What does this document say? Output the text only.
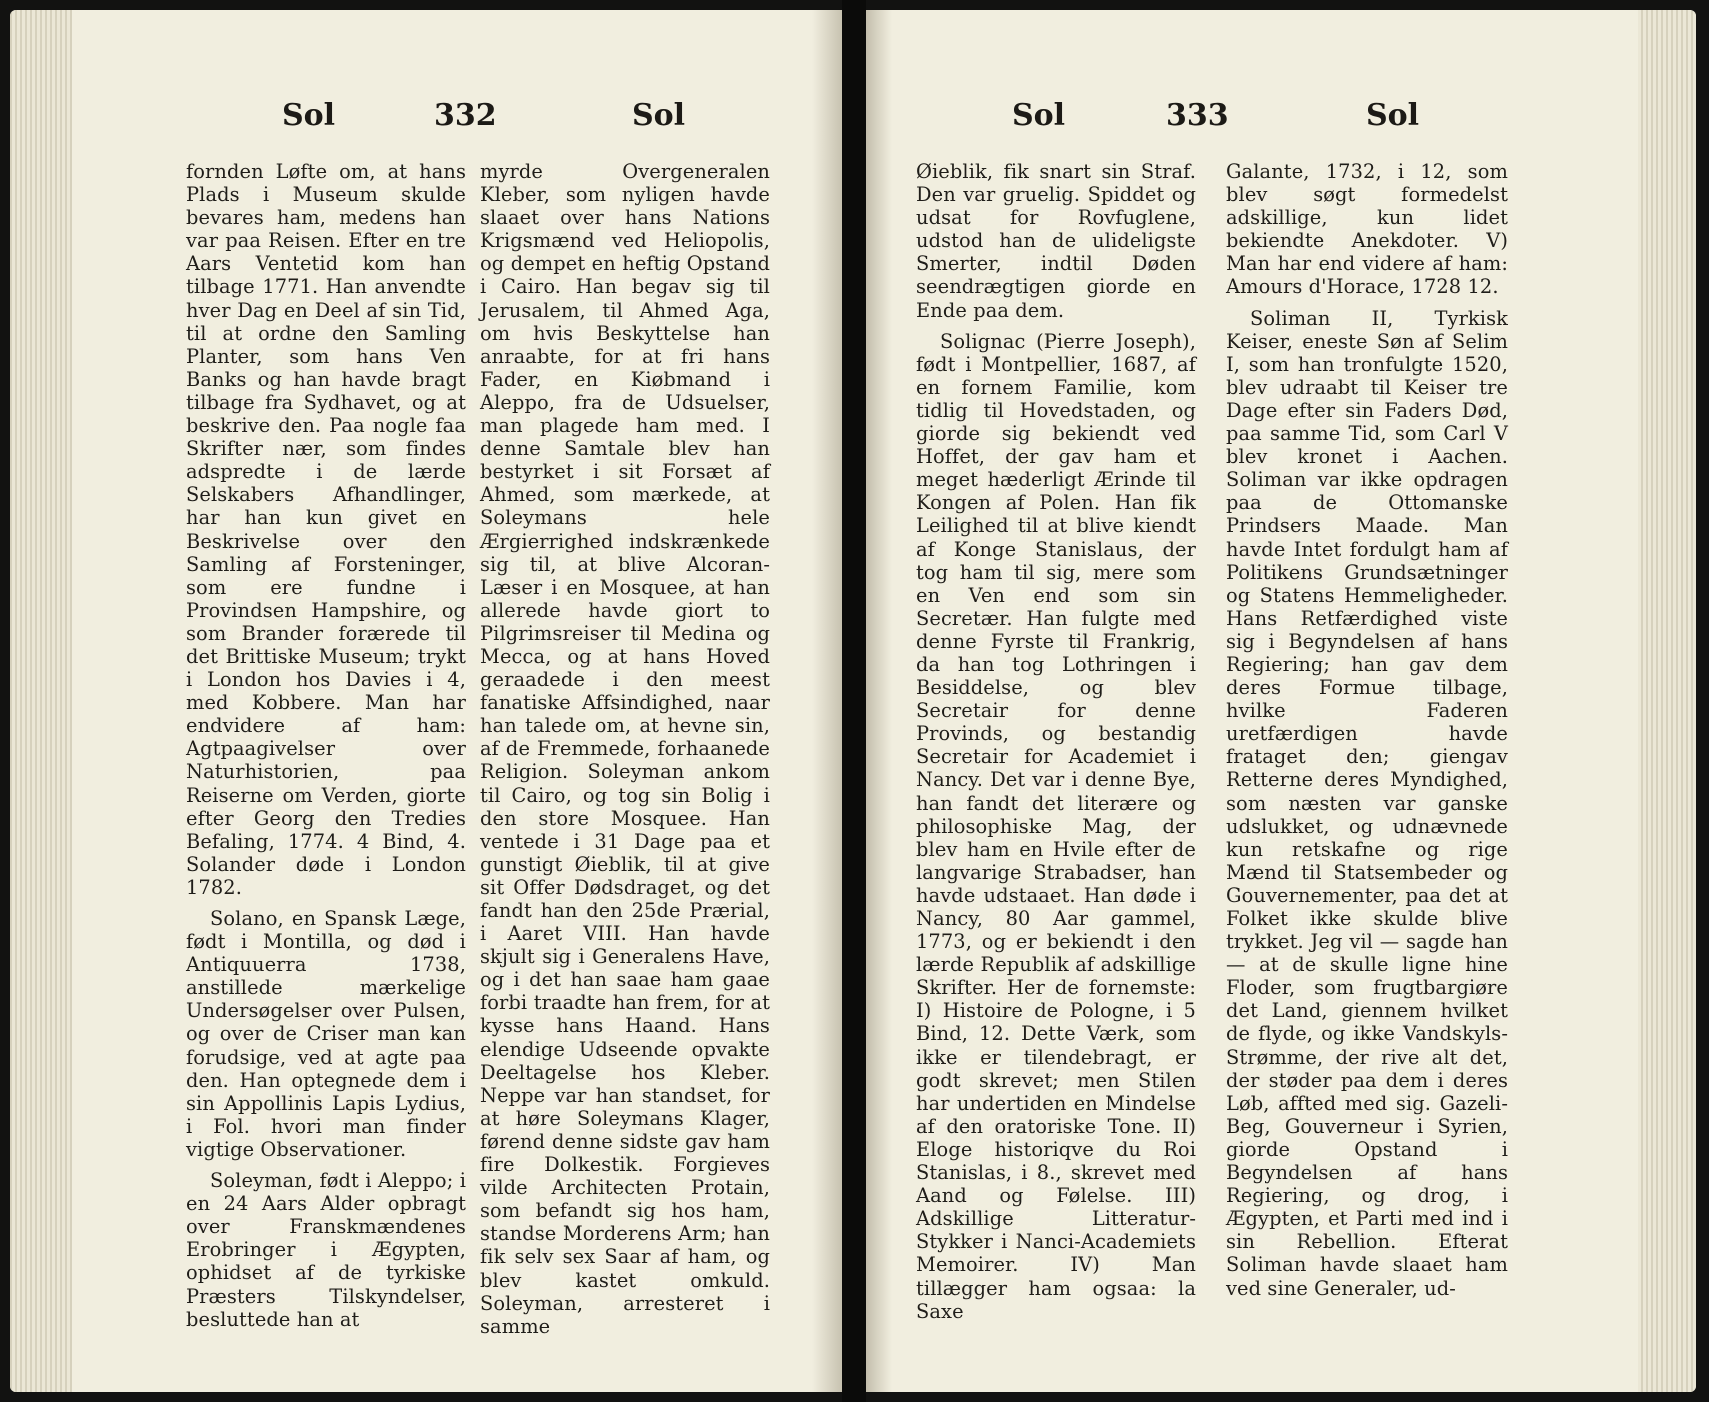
Sol	332	Sol

fornden Løfte om, at hans Plads i Museum skulde bevares ham, medens han var paa Reisen. Efter en tre Aars Ventetid kom han tilbage 1771. Han anvendte hver Dag en Deel af sin Tid, til at ordne den Samling Planter, som hans Ven Banks og han havde bragt tilbage fra Sydhavet, og at beskrive den. Paa nogle faa Skrifter nær, som findes adspredte i de lærde Selskabers Afhandlinger, har han kun givet en Beskrivelse over den Samling af Forsteninger, som ere fundne i Provindsen Hampshire, og som Brander forærede til det Brittiske Museum; trykt i London hos Davies i 4, med Kobbere. Man har endvidere af ham: Agtpaagivelser over Naturhistorien, paa Reiserne om Verden, giorte efter Georg den Tredies Befaling, 1774. 4 Bind, 4. Solander døde i London 1782.

Solano, en Spansk Læge, født i Montilla, og død i Antiquuerra 1738, anstillede mærkelige Undersøgelser over Pulsen, og over de Criser man kan forudsige, ved at agte paa den. Han optegnede dem i sin Appollinis Lapis Lydius, i Fol. hvori man finder vigtige Observationer.

Soleyman, født i Aleppo; i en 24 Aars Alder opbragt over Franskmændenes Erobringer i Ægypten, ophidset af de tyrkiske Præsters Tilskyndelser, besluttede han at

myrde Overgeneralen Kleber, som nyligen havde slaaet over hans Nations Krigsmænd ved Heliopolis, og dempet en heftig Opstand i Cairo. Han begav sig til Jerusalem, til Ahmed Aga, om hvis Beskyttelse han anraabte, for at fri hans Fader, en Kiøbmand i Aleppo, fra de Udsuelser, man plagede ham med. I denne Samtale blev han bestyrket i sit Forsæt af Ahmed, som mærkede, at Soleymans hele Ærgierrighed indskrænkede sig til, at blive Alcoran-Læser i en Mosquee, at han allerede havde giort to Pilgrimsreiser til Medina og Mecca, og at hans Hoved geraadede i den meest fanatiske Affsindighed, naar han talede om, at hevne sin, af de Fremmede, forhaanede Religion. Soleyman ankom til Cairo, og tog sin Bolig i den store Mosquee. Han ventede i 31 Dage paa et gunstigt Øieblik, til at give sit Offer Dødsdraget, og det fandt han den 25de Prærial, i Aaret VIII. Han havde skjult sig i Generalens Have, og i det han saae ham gaae forbi traadte han frem, for at kysse hans Haand. Hans elendige Udseende opvakte Deeltagelse hos Kleber. Neppe var han standset, for at høre Soleymans Klager, førend denne sidste gav ham fire Dolkestik. Forgieves vilde Architecten Protain, som befandt sig hos ham, standse Morderens Arm; han fik selv sex Saar af ham, og blev kastet omkuld. Soleyman, arresteret i samme

Sol	333	Sol

Øieblik, fik snart sin Straf. Den var gruelig. Spiddet og udsat for Rovfuglene, udstod han de ulideligste Smerter, indtil Døden seendrægtigen giorde en Ende paa dem.

Solignac (Pierre Joseph), født i Montpellier, 1687, af en fornem Familie, kom tidlig til Hovedstaden, og giorde sig bekiendt ved Hoffet, der gav ham et meget hæderligt Ærinde til Kongen af Polen. Han fik Leilighed til at blive kiendt af Konge Stanislaus, der tog ham til sig, mere som en Ven end som sin Secretær. Han fulgte med denne Fyrste til Frankrig, da han tog Lothringen i Besiddelse, og blev Secretair for denne Provinds, og bestandig Secretair for Academiet i Nancy. Det var i denne Bye, han fandt det literære og philosophiske Mag, der blev ham en Hvile efter de langvarige Strabadser, han havde udstaaet. Han døde i Nancy, 80 Aar gammel, 1773, og er bekiendt i den lærde Republik af adskillige Skrifter. Her de fornemste: I) Histoire de Pologne, i 5 Bind, 12. Dette Værk, som ikke er tilendebragt, er godt skrevet; men Stilen har undertiden en Mindelse af den oratoriske Tone. II) Eloge historiqve du Roi Stanislas, i 8., skrevet med Aand og Følelse. III) Adskillige Litteratur-Stykker i Nanci-Academiets Memoirer. IV) Man tillægger ham ogsaa: la Saxe

Galante, 1732, i 12, som blev søgt formedelst adskillige, kun lidet bekiendte Anekdoter. V) Man har end videre af ham: Amours d'Horace, 1728 12.

Soliman II, Tyrkisk Keiser, eneste Søn af Selim I, som han tronfulgte 1520, blev udraabt til Keiser tre Dage efter sin Faders Død, paa samme Tid, som Carl V blev kronet i Aachen. Soliman var ikke opdragen paa de Ottomanske Prindsers Maade. Man havde Intet fordulgt ham af Politikens Grundsætninger og Statens Hemmeligheder. Hans Retfærdighed viste sig i Begyndelsen af hans Regiering; han gav dem deres Formue tilbage, hvilke Faderen uretfærdigen havde frataget den; giengav Retterne deres Myndighed, som næsten var ganske udslukket, og udnævnede kun retskafne og rige Mænd til Statsembeder og Gouvernementer, paa det at Folket ikke skulde blive trykket. Jeg vil — sagde han — at de skulle ligne hine Floder, som frugtbargiøre det Land, giennem hvilket de flyde, og ikke Vandskyls-Strømme, der rive alt det, der støder paa dem i deres Løb, affted med sig. Gazeli-Beg, Gouverneur i Syrien, giorde Opstand i Begyndelsen af hans Regiering, og drog, i Ægypten, et Parti med ind i sin Rebellion. Efterat Soliman havde slaaet ham ved sine Generaler, ud-
